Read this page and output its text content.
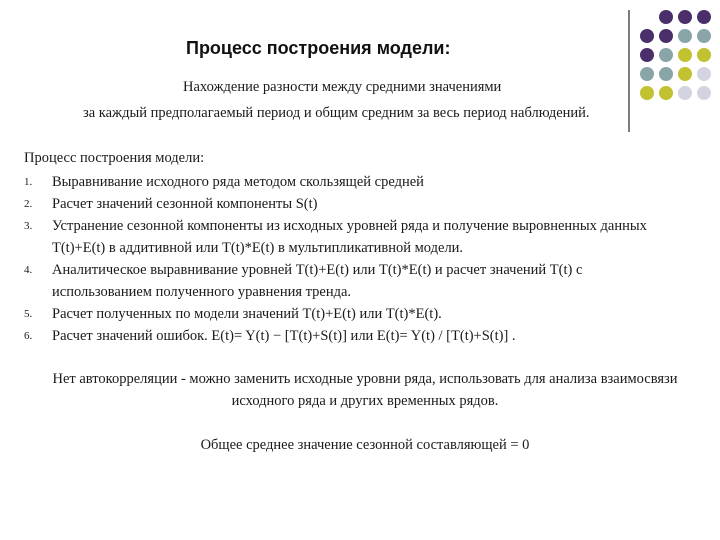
Процесс построения модели:
Нахождение разности между средними значениями
за каждый предполагаемый период и общим средним за весь период наблюдений.
Процесс построения модели:
1. Выравнивание исходного ряда методом скользящей средней
2. Расчет значений сезонной компоненты S(t)
3. Устранение сезонной компоненты из исходных уровней ряда и получение выровненных данных T(t)+E(t) в аддитивной или T(t)*E(t) в мультипликативной модели.
4. Аналитическое выравнивание уровней T(t)+E(t) или T(t)*E(t) и расчет значений T(t) с использованием полученного уравнения тренда.
5. Расчет полученных по модели значений T(t)+E(t) или T(t)*E(t).
6. Расчет значений ошибок. E(t)= Y(t) − [T(t)+S(t)] или E(t)= Y(t) / [T(t)+S(t)] .
Нет автокорреляции - можно заменить исходные уровни ряда, использовать для анализа взаимосвязи исходного ряда и других временных рядов.
Общее среднее значение сезонной составляющей = 0
